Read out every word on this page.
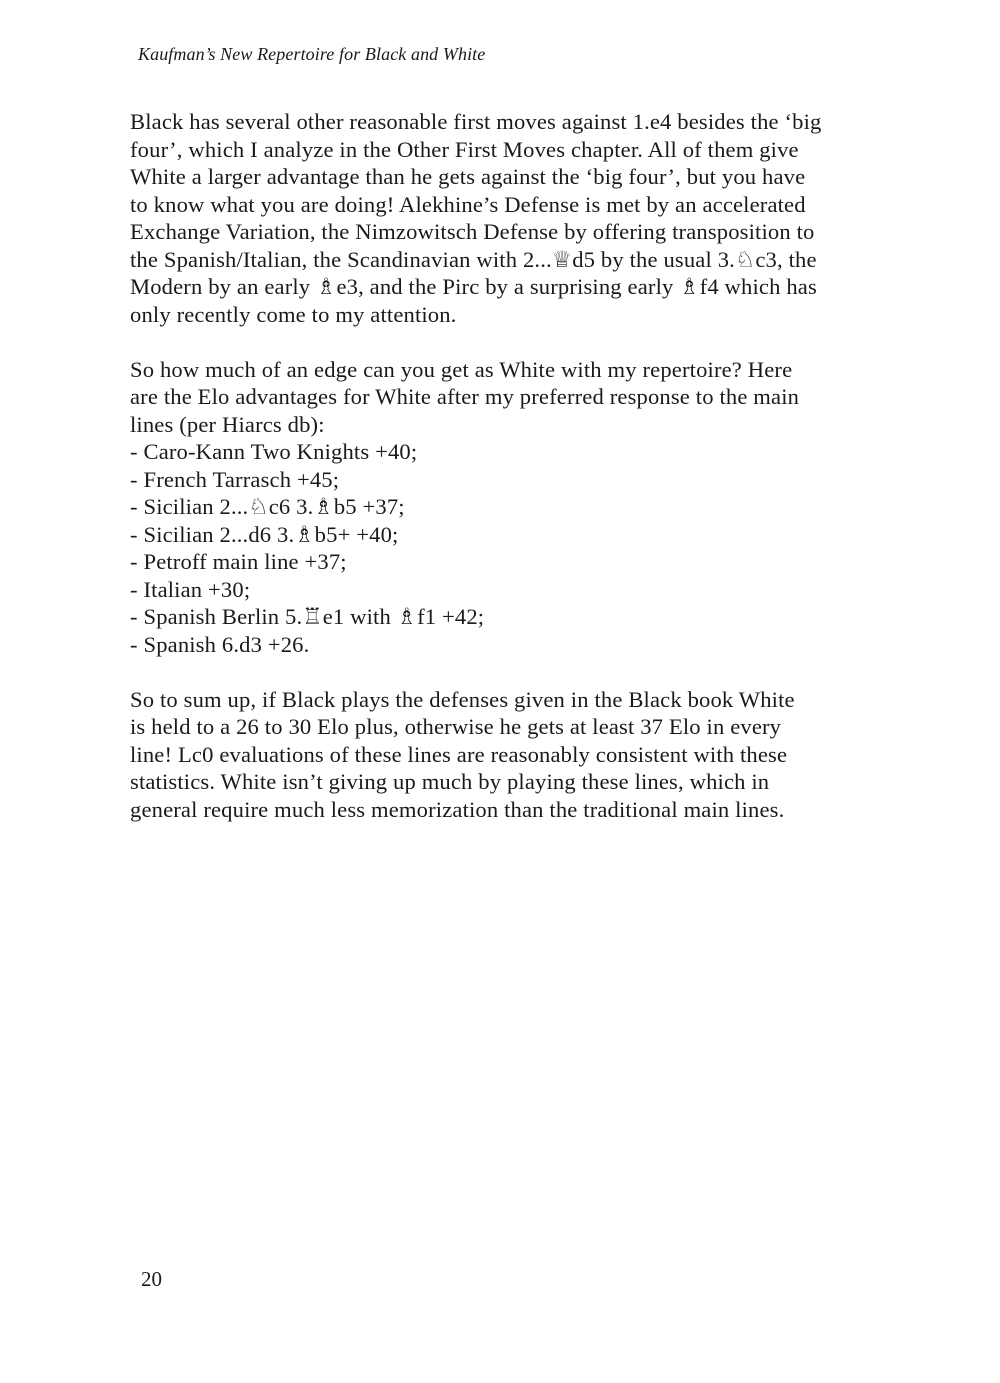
Kaufman’s New Repertoire for Black and White

Black has several other reasonable first moves against 1.e4 besides the ‘big
four’, which I analyze in the Other First Moves chapter. All of them give
White a larger advantage than he gets against the ‘big four’, but you have
to know what you are doing! Alekhine’s Defense is met by an accelerated
Exchange Variation, the Nimzowitsch Defense by offering transposition to
the Spanish/Italian, the Scandinavian with 2...♕d5 by the usual 3.♘c3, the
Modern by an early ♗e3, and the Pirc by a surprising early ♗f4 which has
only recently come to my attention.

So how much of an edge can you get as White with my repertoire? Here
are the Elo advantages for White after my preferred response to the main
lines (per Hiarcs db):

- Caro-Kann Two Knights +40;
- French Tarrasch +45;
- Sicilian 2...♘c6 3.♗b5 +37;
- Sicilian 2...d6 3.♗b5+ +40;
- Petroff main line +37;
- Italian +30;
- Spanish Berlin 5.♖e1 with ♗f1 +42;
- Spanish 6.d3 +26.

So to sum up, if Black plays the defenses given in the Black book White
is held to a 26 to 30 Elo plus, otherwise he gets at least 37 Elo in every
line! Lc0 evaluations of these lines are reasonably consistent with these
statistics. White isn’t giving up much by playing these lines, which in
general require much less memorization than the traditional main lines.

20
